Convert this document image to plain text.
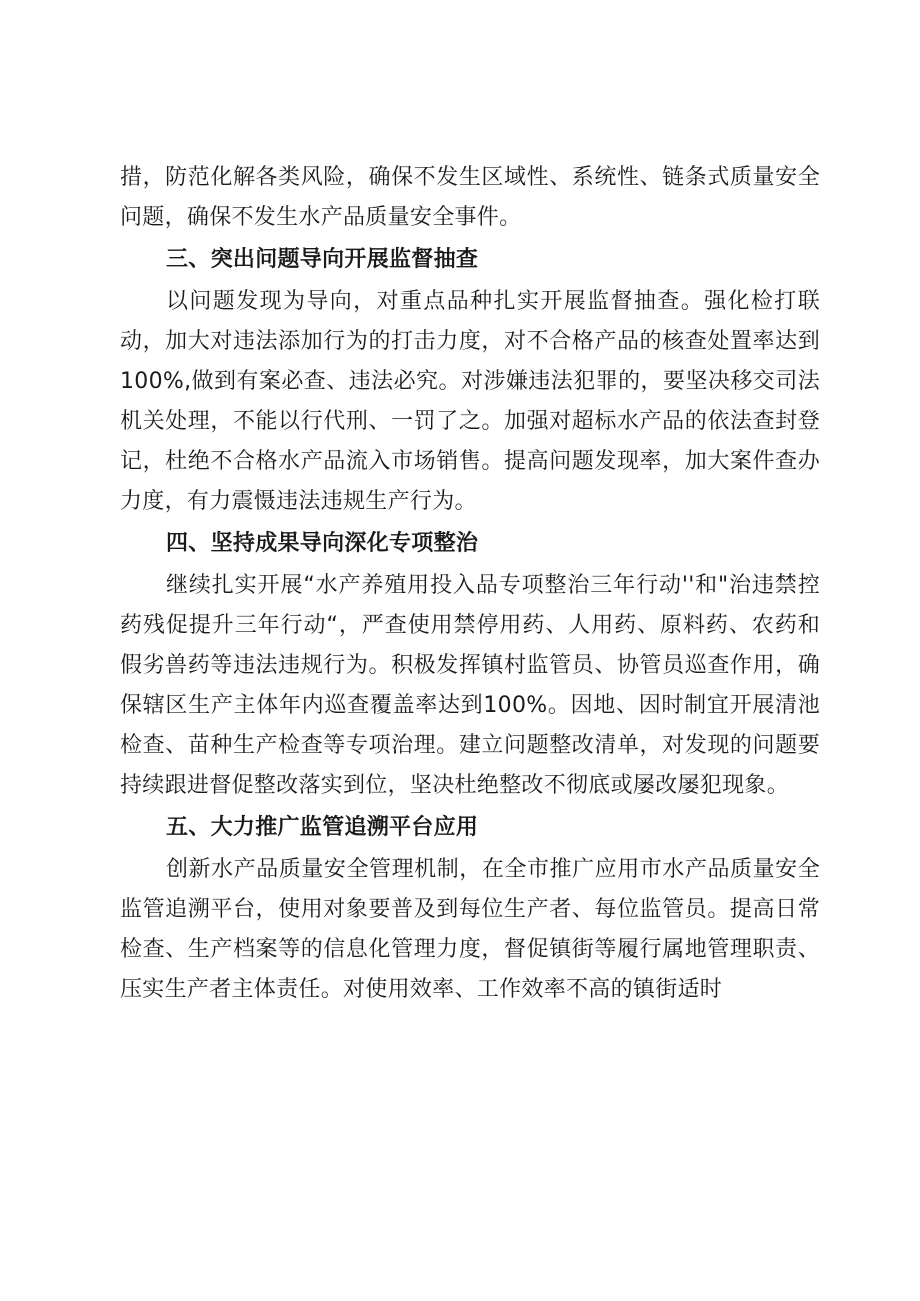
措，防范化解各类风险，确保不发生区域性、系统性、链条式质量安全问题，确保不发生水产品质量安全事件。

三、突出问题导向开展监督抽查

以问题发现为导向，对重点品种扎实开展监督抽查。强化检打联动，加大对违法添加行为的打击力度，对不合格产品的核查处置率达到100%,做到有案必查、违法必究。对涉嫌违法犯罪的，要坚决移交司法机关处理，不能以行代刑、一罚了之。加强对超标水产品的依法查封登记，杜绝不合格水产品流入市场销售。提高问题发现率，加大案件查办力度，有力震慑违法违规生产行为。

四、坚持成果导向深化专项整治

继续扎实开展“水产养殖用投入品专项整治三年行动''和"治违禁控药残促提升三年行动“，严查使用禁停用药、人用药、原料药、农药和假劣兽药等违法违规行为。积极发挥镇村监管员、协管员巡查作用，确保辖区生产主体年内巡查覆盖率达到100%。因地、因时制宜开展清池检查、苗种生产检查等专项治理。建立问题整改清单，对发现的问题要持续跟进督促整改落实到位，坚决杜绝整改不彻底或屡改屡犯现象。

五、大力推广监管追溯平台应用

创新水产品质量安全管理机制，在全市推广应用市水产品质量安全监管追溯平台，使用对象要普及到每位生产者、每位监管员。提高日常检查、生产档案等的信息化管理力度，督促镇街等履行属地管理职责、压实生产者主体责任。对使用效率、工作效率不高的镇街适时
